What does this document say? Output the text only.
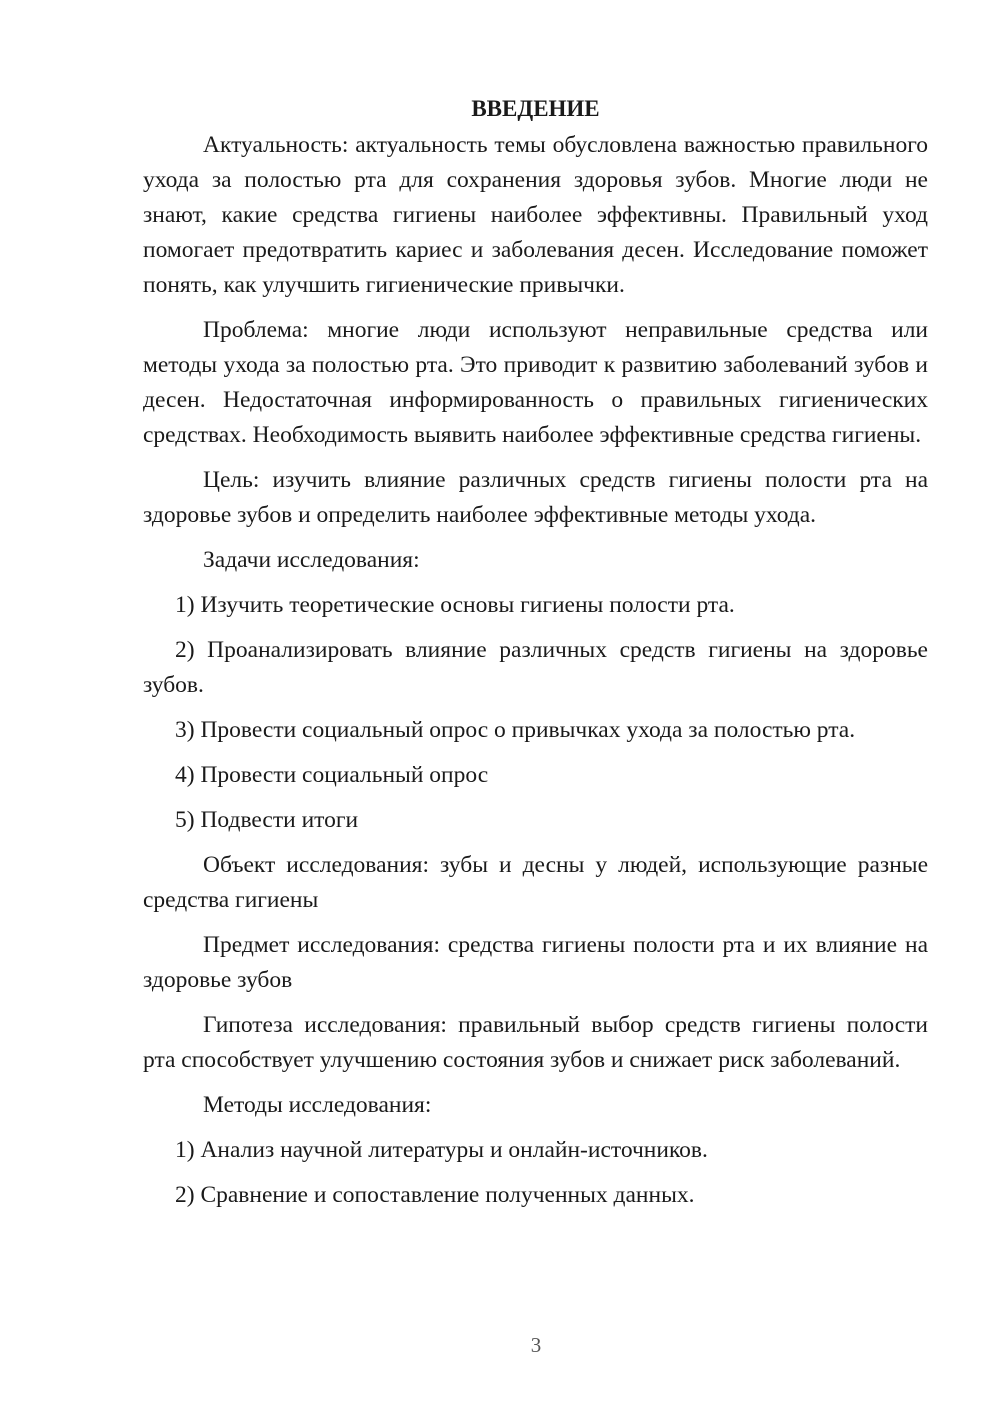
ВВЕДЕНИЕ

Актуальность: актуальность темы обусловлена важностью правильного ухода за полостью рта для сохранения здоровья зубов. Многие люди не знают, какие средства гигиены наиболее эффективны. Правильный уход помогает предотвратить кариес и заболевания десен. Исследование поможет понять, как улучшить гигиенические привычки.

Проблема: многие люди используют неправильные средства или методы ухода за полостью рта. Это приводит к развитию заболеваний зубов и десен. Недостаточная информированность о правильных гигиенических средствах. Необходимость выявить наиболее эффективные средства гигиены.

Цель: изучить влияние различных средств гигиены полости рта на здоровье зубов и определить наиболее эффективные методы ухода.

Задачи исследования:

1) Изучить теоретические основы гигиены полости рта.

2) Проанализировать влияние различных средств гигиены на здоровье зубов.

3) Провести социальный опрос о привычках ухода за полостью рта.

4) Провести социальный опрос

5) Подвести итоги

Объект исследования: зубы и десны у людей, использующие разные средства гигиены

Предмет исследования: средства гигиены полости рта и их влияние на здоровье зубов

Гипотеза исследования: правильный выбор средств гигиены полости рта способствует улучшению состояния зубов и снижает риск заболеваний.

Методы исследования:

1) Анализ научной литературы и онлайн-источников.

2) Сравнение и сопоставление полученных данных.

3
